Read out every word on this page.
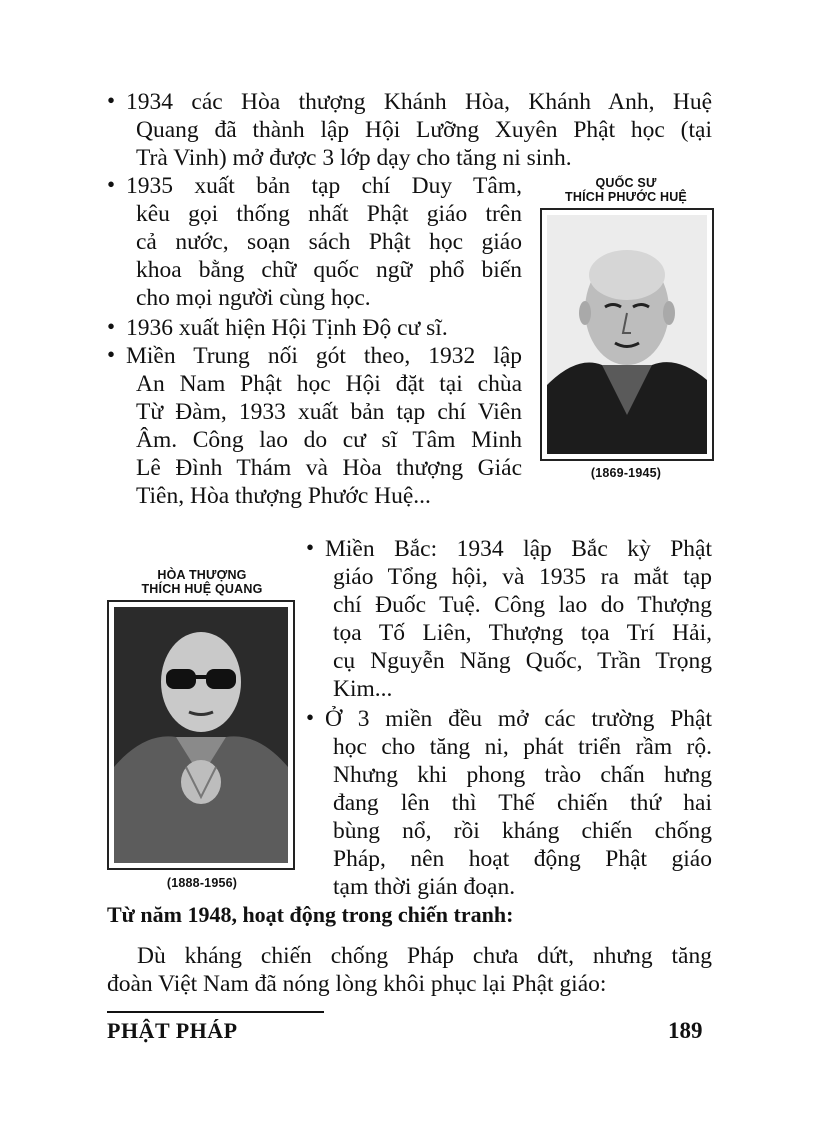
• 1934 các Hòa thượng Khánh Hòa, Khánh Anh, Huệ
Quang đã thành lập Hội Lưỡng Xuyên Phật học (tại
Trà Vinh) mở được 3 lớp dạy cho tăng ni sinh.
• 1935 xuất bản tạp chí Duy Tâm,
kêu gọi thống nhất Phật giáo trên
cả nước, soạn sách Phật học giáo
khoa bằng chữ quốc ngữ phổ biến
cho mọi người cùng học.
• 1936 xuất hiện Hội Tịnh Độ cư sĩ.
• Miền Trung nối gót theo, 1932 lập
An Nam Phật học Hội đặt tại chùa
Từ Đàm, 1933 xuất bản tạp chí Viên
Âm. Công lao do cư sĩ Tâm Minh
Lê Đình Thám và Hòa thượng Giác
Tiên, Hòa thượng Phước Huệ...
QUỐC SƯ
THÍCH PHƯỚC HUỆ
(1869-1945)
HÒA THƯỢNG
THÍCH HUỆ QUANG
(1888-1956)
• Miền Bắc: 1934 lập Bắc kỳ Phật
giáo Tổng hội, và 1935 ra mắt tạp
chí Đuốc Tuệ. Công lao do Thượng
tọa Tố Liên, Thượng tọa Trí Hải,
cụ Nguyễn Năng Quốc, Trần Trọng
Kim...
• Ở 3 miền đều mở các trường Phật
học cho tăng ni, phát triển rầm rộ.
Nhưng khi phong trào chấn hưng
đang lên thì Thế chiến thứ hai
bùng nổ, rồi kháng chiến chống
Pháp, nên hoạt động Phật giáo
tạm thời gián đoạn.
Từ năm 1948, hoạt động trong chiến tranh:
Dù kháng chiến chống Pháp chưa dứt, nhưng tăng
đoàn Việt Nam đã nóng lòng khôi phục lại Phật giáo:
PHẬT PHÁP	189
